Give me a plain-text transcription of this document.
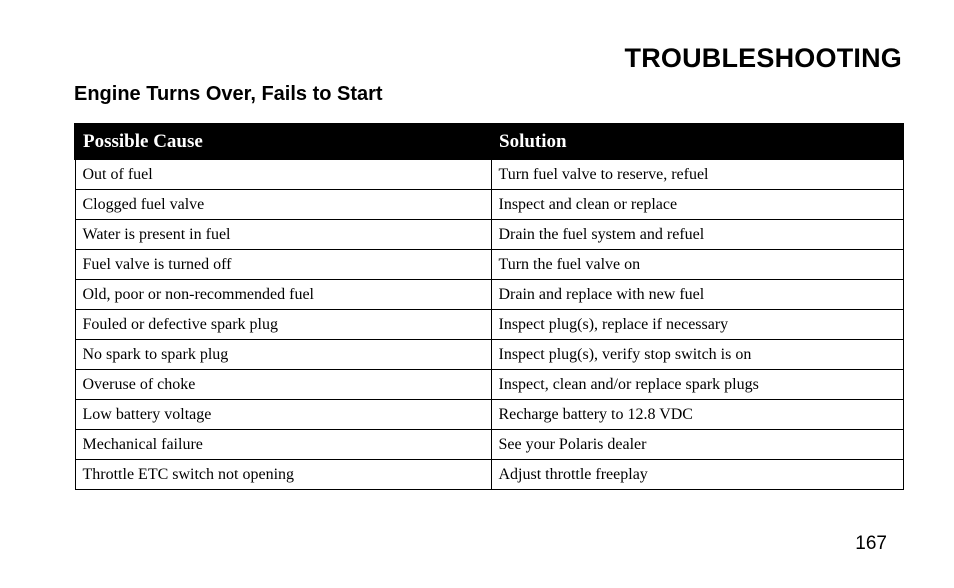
TROUBLESHOOTING
Engine Turns Over, Fails to Start
Possible Cause	Solution
Out of fuel	Turn fuel valve to reserve, refuel
Clogged fuel valve	Inspect and clean or replace
Water is present in fuel	Drain the fuel system and refuel
Fuel valve is turned off	Turn the fuel valve on
Old, poor or non-recommended fuel	Drain and replace with new fuel
Fouled or defective spark plug	Inspect plug(s), replace if necessary
No spark to spark plug	Inspect plug(s), verify stop switch is on
Overuse of choke	Inspect, clean and/or replace spark plugs
Low battery voltage	Recharge battery to 12.8 VDC
Mechanical failure	See your Polaris dealer
Throttle ETC switch not opening	Adjust throttle freeplay
167
